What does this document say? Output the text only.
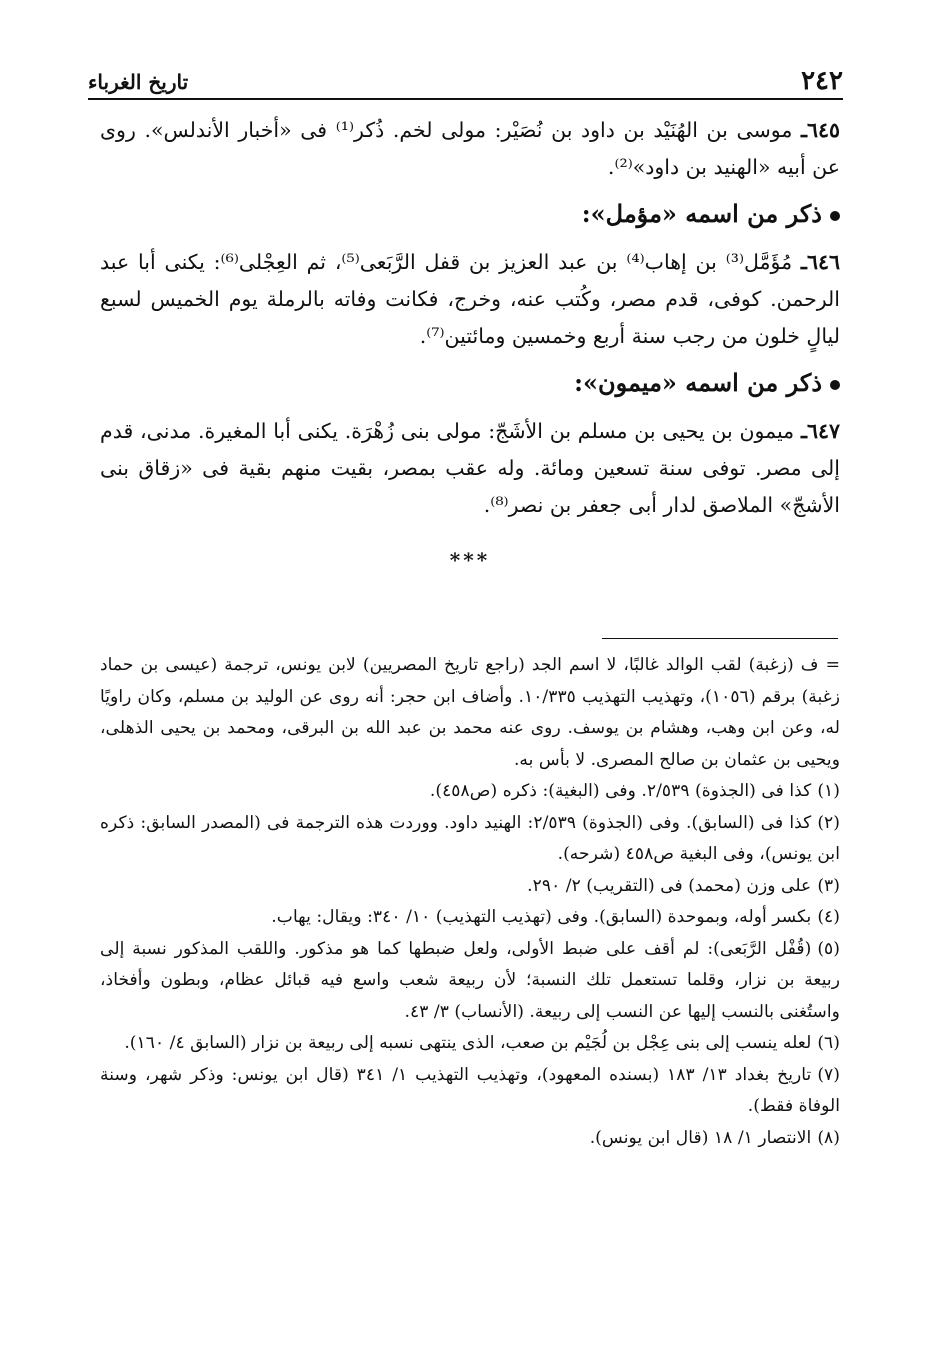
٢٤٢
تاريخ الغرباء

٦٤٥ـ موسى بن الهُنَيْد بن داود بن نُصَيْر: مولى لخم. ذُكر⁽¹⁾ فى «أخبار الأندلس». روى عن أبيه «الهنيد بن داود»⁽²⁾.

ذكر من اسمه «مؤمل»:

٦٤٦ـ مُؤَمَّل⁽³⁾ بن إهاب⁽⁴⁾ بن عبد العزيز بن قفل الرَّبَعى⁽⁵⁾، ثم العِجْلى⁽⁶⁾: يكنى أبا عبد الرحمن. كوفى، قدم مصر، وكُتب عنه، وخرج، فكانت وفاته بالرملة يوم الخميس لسبع ليالٍ خلون من رجب سنة أربع وخمسين ومائتين⁽⁷⁾.

ذكر من اسمه «ميمون»:

٦٤٧ـ ميمون بن يحيى بن مسلم بن الأشَجّ: مولى بنى زُهْرَة. يكنى أبا المغيرة. مدنى، قدم إلى مصر. توفى سنة تسعين ومائة. وله عقب بمصر، بقيت منهم بقية فى «زقاق بنى الأشجّ» الملاصق لدار أبى جعفر بن نصر⁽⁸⁾.

***

= ف (زغبة) لقب الوالد غالبًا، لا اسم الجد (راجع تاريخ المصريين) لابن يونس، ترجمة (عيسى بن حماد زغبة) برقم (١٠٥٦)، وتهذيب التهذيب ١٠/٣٣٥. وأضاف ابن حجر: أنه روى عن الوليد بن مسلم، وكان راويًا له، وعن ابن وهب، وهشام بن يوسف. روى عنه محمد بن عبد الله بن البرقى، ومحمد بن يحيى الذهلى، ويحيى بن عثمان بن صالح المصرى. لا بأس به.

(١)كذا فى (الجذوة) ٢/٥٣٩. وفى (البغية): ذكره (ص٤٥٨).

(٢)كذا فى (السابق). وفى (الجذوة) ٢/٥٣٩: الهنيد داود. ووردت هذه الترجمة فى (المصدر السابق: ذكره ابن يونس)، وفى البغية ص٤٥٨ (شرحه).

(٣)على وزن (محمد) فى (التقريب) ٢/ ٢٩٠.

(٤)بكسر أوله، وبموحدة (السابق). وفى (تهذيب التهذيب) ١٠/ ٣٤٠: ويقال: يهاب.

(٥)(قُفْل الرَّبَعى): لم أقف على ضبط الأولى، ولعل ضبطها كما هو مذكور. واللقب المذكور نسبة إلى ربيعة بن نزار، وقلما تستعمل تلك النسبة؛ لأن ربيعة شعب واسع فيه قبائل عظام، وبطون وأفخاذ، واستُغنى بالنسب إليها عن النسب إلى ربيعة. (الأنساب) ٣/ ٤٣.

(٦)لعله ينسب إلى بنى عِجْل بن لُجَيْم بن صعب، الذى ينتهى نسبه إلى ربيعة بن نزار (السابق ٤/ ١٦٠).

(٧)تاريخ بغداد ١٣/ ١٨٣ (بسنده المعهود)، وتهذيب التهذيب ١/ ٣٤١ (قال ابن يونس: وذكر شهر، وسنة الوفاة فقط).

(٨)الانتصار ١/ ١٨ (قال ابن يونس).
